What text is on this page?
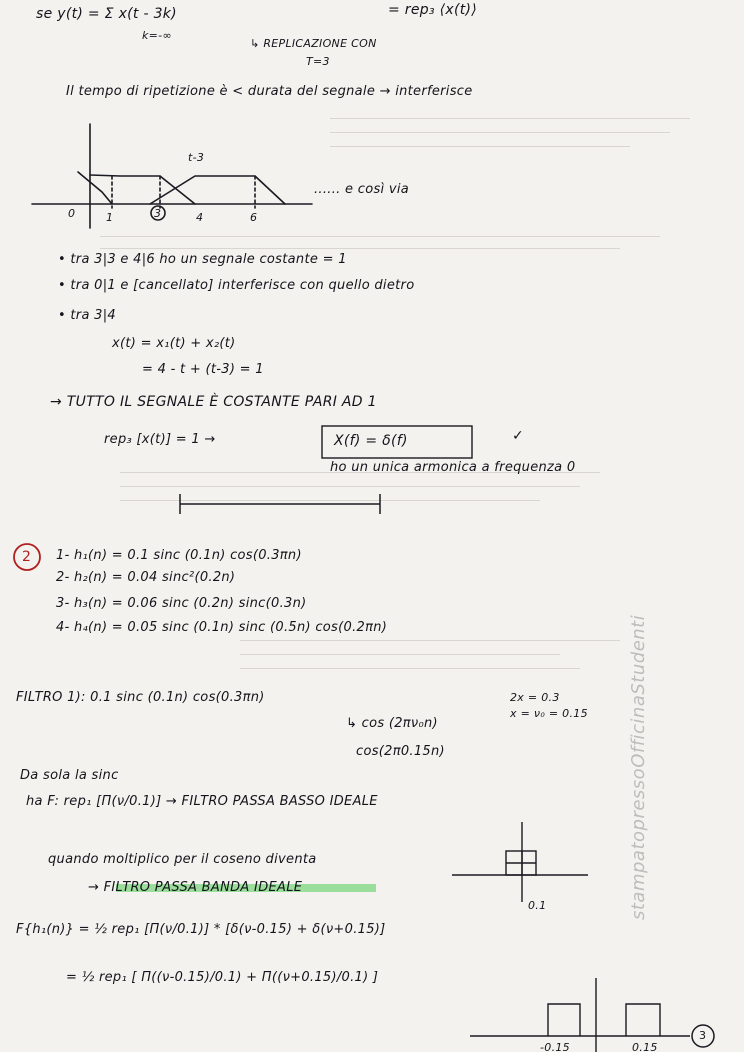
se y(t) = Σ x(t - 3k)	= rep₃ ⟨x(t)⟩
k=-∞
↳ REPLICAZIONE CON
T=3
Il tempo di ripetizione è < durata del segnale → interferisce
t-3
0	1	3	4	6
...... e così via
• tra 3|3 e 4|6 ho un segnale costante = 1
• tra 0|1 e [cancellato] interferisce con quello dietro
• tra 3|4
x(t) = x₁(t) + x₂(t)
= 4 - t + (t-3) = 1
→ TUTTO IL SEGNALE È COSTANTE PARI AD 1
rep₃ [x(t)] = 1 →	X(f) = δ(f)	✓
ho un unica armonica a frequenza 0
2 1- h₁(n) = 0.1 sinc (0.1n) cos(0.3πn)
2- h₂(n) = 0.04 sinc²(0.2n)
3- h₃(n) = 0.06 sinc (0.2n) sinc(0.3n)
4- h₄(n) = 0.05 sinc (0.1n) sinc (0.5n) cos(0.2πn)
FILTRO 1): 0.1 sinc (0.1n) cos(0.3πn)	2x = 0.3
x = ν₀ = 0.15
↳ cos (2πν₀n)
cos(2π0.15n)
Da sola la sinc
ha F: rep₁ [Π(ν/0.1)] → FILTRO PASSA BASSO IDEALE
quando moltiplico per il coseno diventa
→ FILTRO PASSA BANDA IDEALE
0.1
F{h₁(n)} = ½ rep₁ [Π(ν/0.1)] * [δ(ν-0.15) + δ(ν+0.15)]
= ½ rep₁ [ Π((ν-0.15)/0.1) + Π((ν+0.15)/0.1) ]
-0.15	0.15
3
stampatopressoOfficinaStudenti
